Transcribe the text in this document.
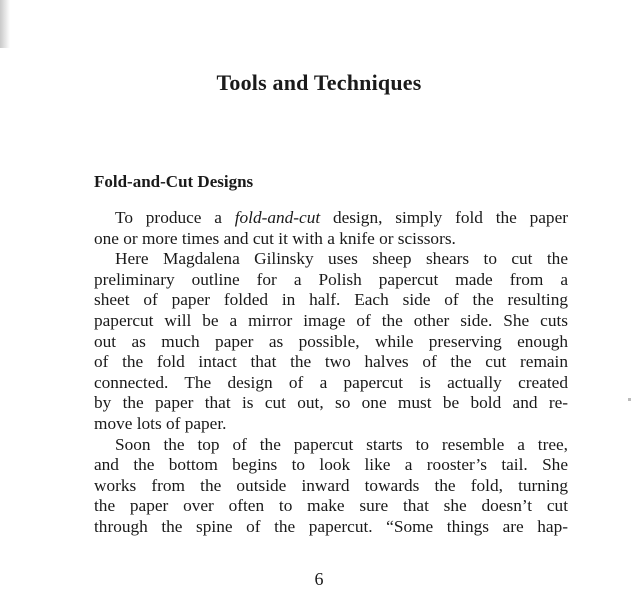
Tools and Techniques
Fold-and-Cut Designs
To produce a fold-and-cut design, simply fold the paper
one or more times and cut it with a knife or scissors.
Here Magdalena Gilinsky uses sheep shears to cut the
preliminary outline for a Polish papercut made from a
sheet of paper folded in half. Each side of the resulting
papercut will be a mirror image of the other side. She cuts
out as much paper as possible, while preserving enough
of the fold intact that the two halves of the cut remain
connected. The design of a papercut is actually created
by the paper that is cut out, so one must be bold and re-
move lots of paper.
Soon the top of the papercut starts to resemble a tree,
and the bottom begins to look like a rooster’s tail. She
works from the outside inward towards the fold, turning
the paper over often to make sure that she doesn’t cut
through the spine of the papercut. “Some things are hap-
6
